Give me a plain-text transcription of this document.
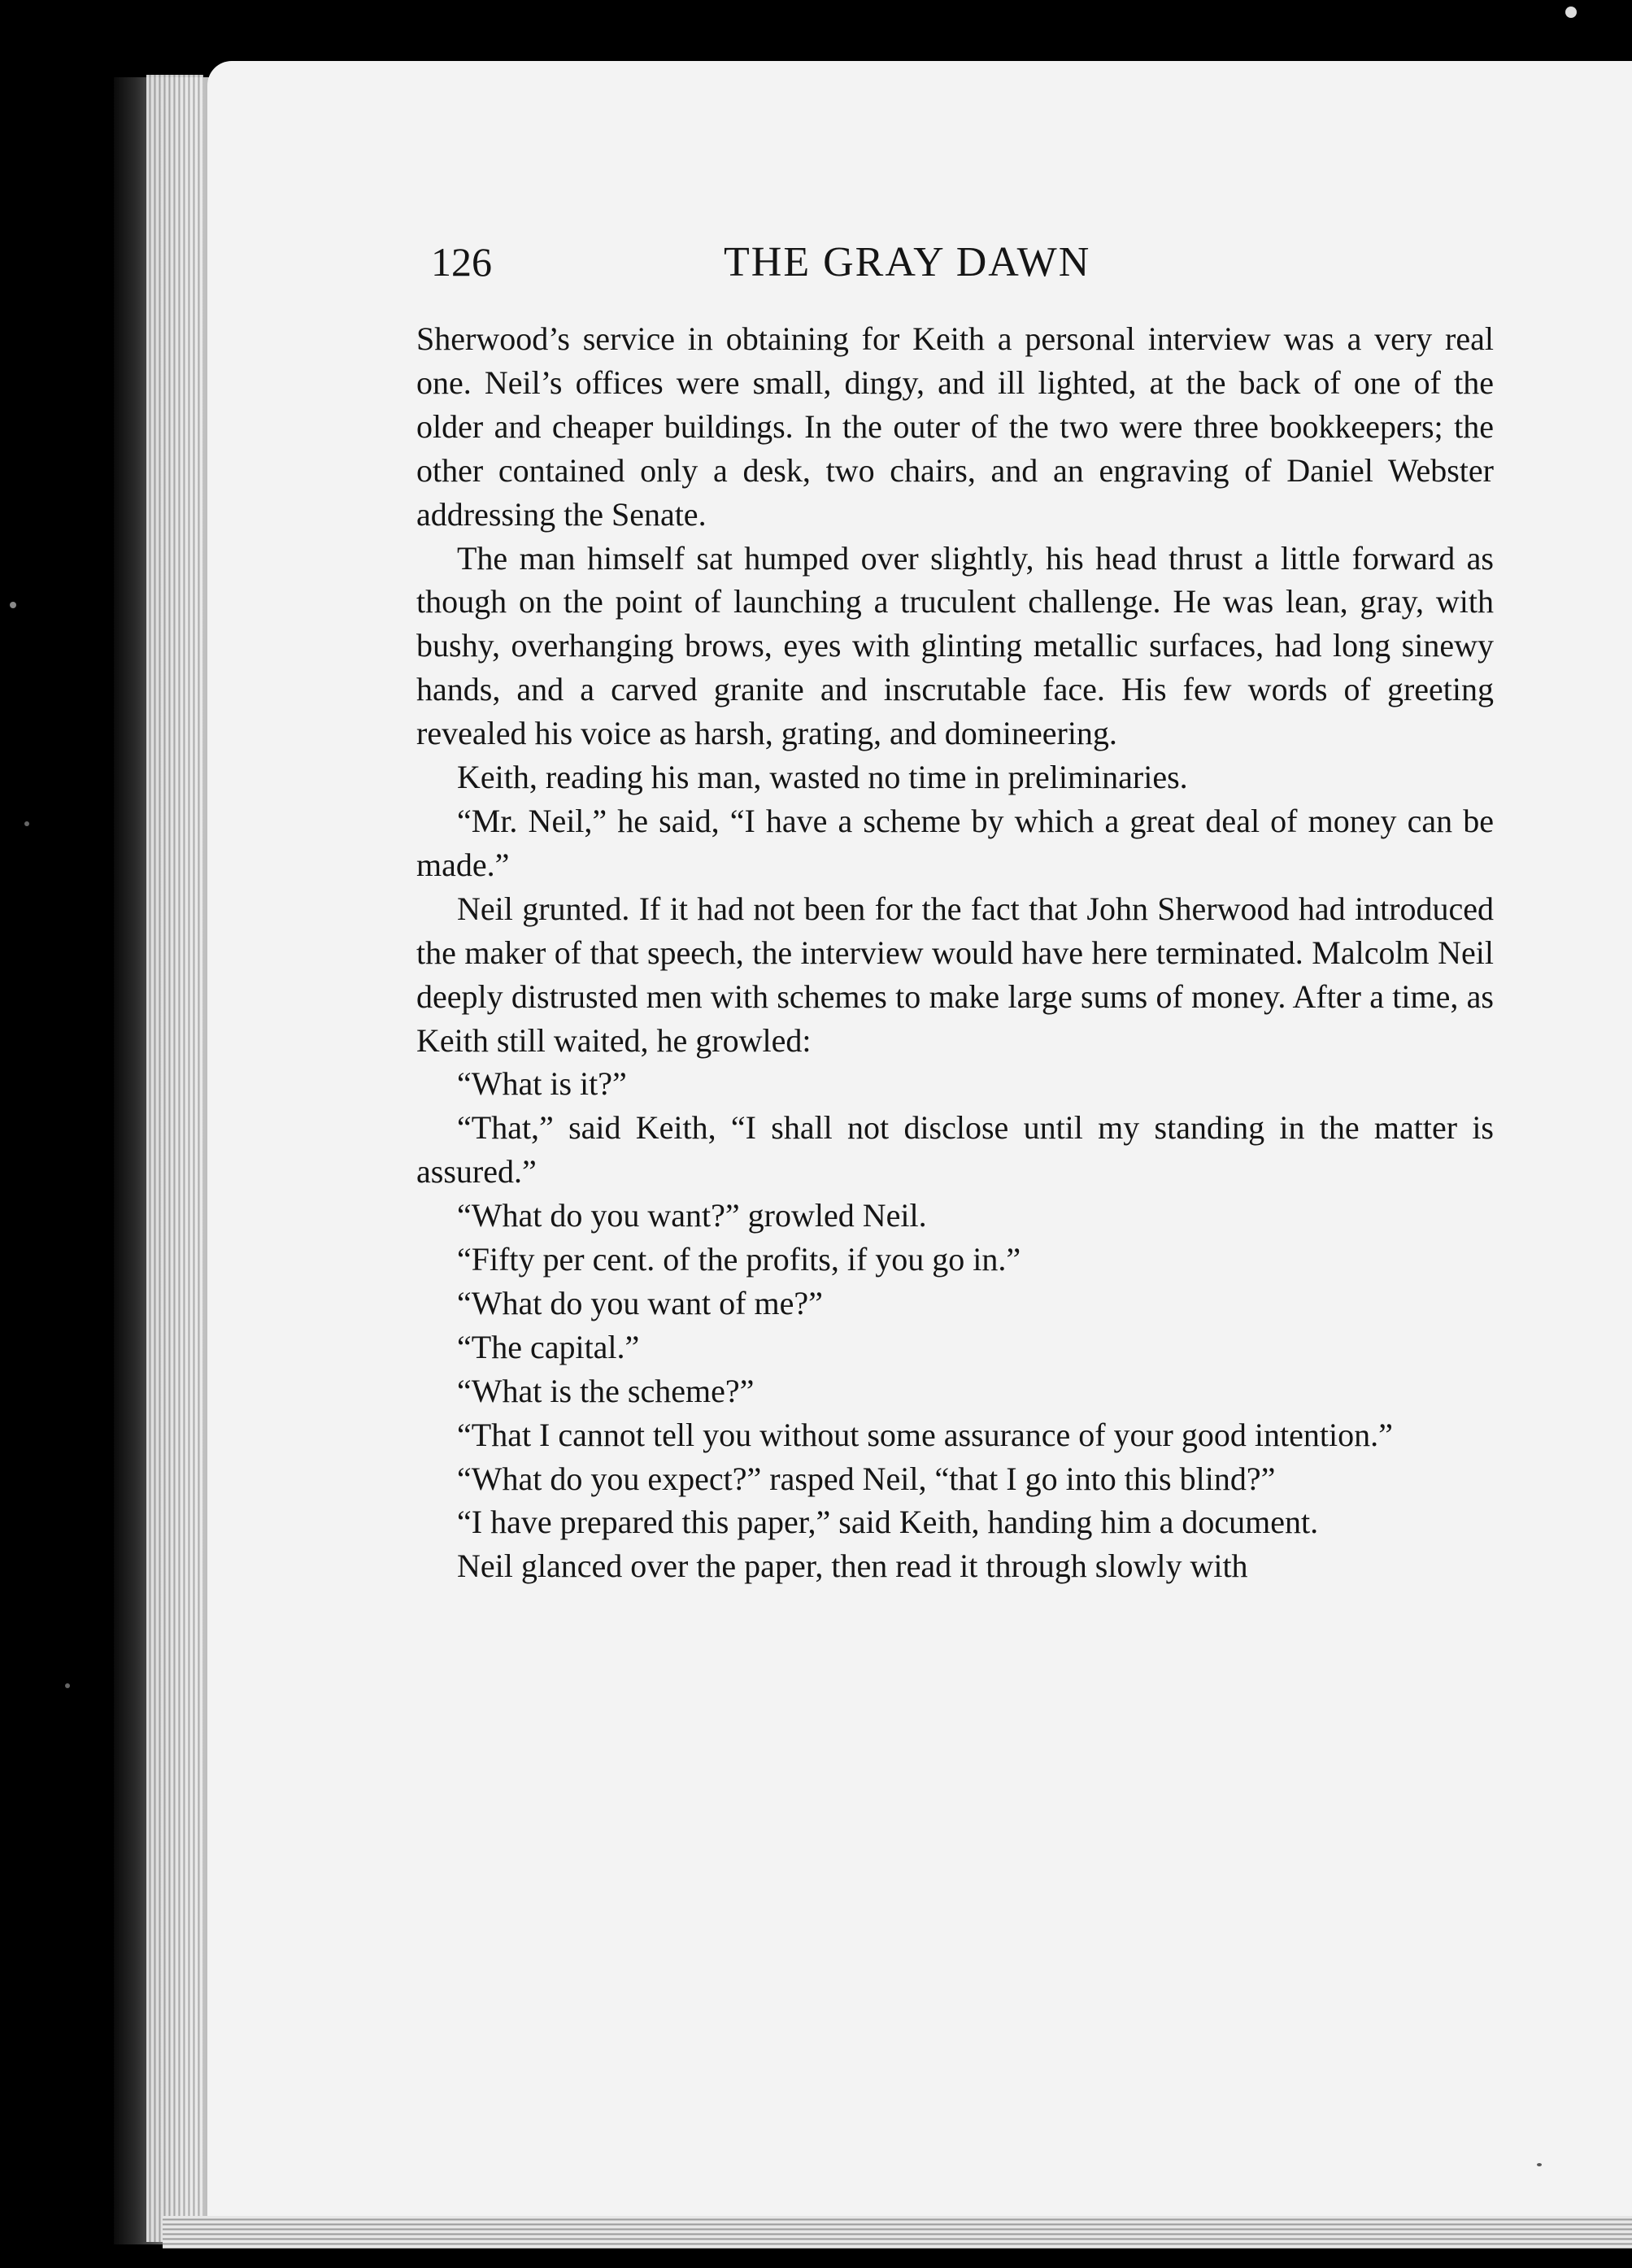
126	THE GRAY DAWN

Sherwood’s service in obtaining for Keith a personal interview was a very real one. Neil’s offices were small, dingy, and ill lighted, at the back of one of the older and cheaper buildings. In the outer of the two were three bookkeepers; the other contained only a desk, two chairs, and an engraving of Daniel Webster addressing the Senate.

The man himself sat humped over slightly, his head thrust a little forward as though on the point of launching a truculent challenge. He was lean, gray, with bushy, overhanging brows, eyes with glinting metallic surfaces, had long sinewy hands, and a carved granite and inscrutable face. His few words of greeting revealed his voice as harsh, grating, and domineering.

Keith, reading his man, wasted no time in preliminaries.

“Mr. Neil,” he said, “I have a scheme by which a great deal of money can be made.”

Neil grunted. If it had not been for the fact that John Sherwood had introduced the maker of that speech, the interview would have here terminated. Malcolm Neil deeply distrusted men with schemes to make large sums of money. After a time, as Keith still waited, he growled:

“What is it?”

“That,” said Keith, “I shall not disclose until my standing in the matter is assured.”

“What do you want?” growled Neil.

“Fifty per cent. of the profits, if you go in.”

“What do you want of me?”

“The capital.”

“What is the scheme?”

“That I cannot tell you without some assurance of your good intention.”

“What do you expect?” rasped Neil, “that I go into this blind?”

“I have prepared this paper,” said Keith, handing him a document.

Neil glanced over the paper, then read it through slowly with
